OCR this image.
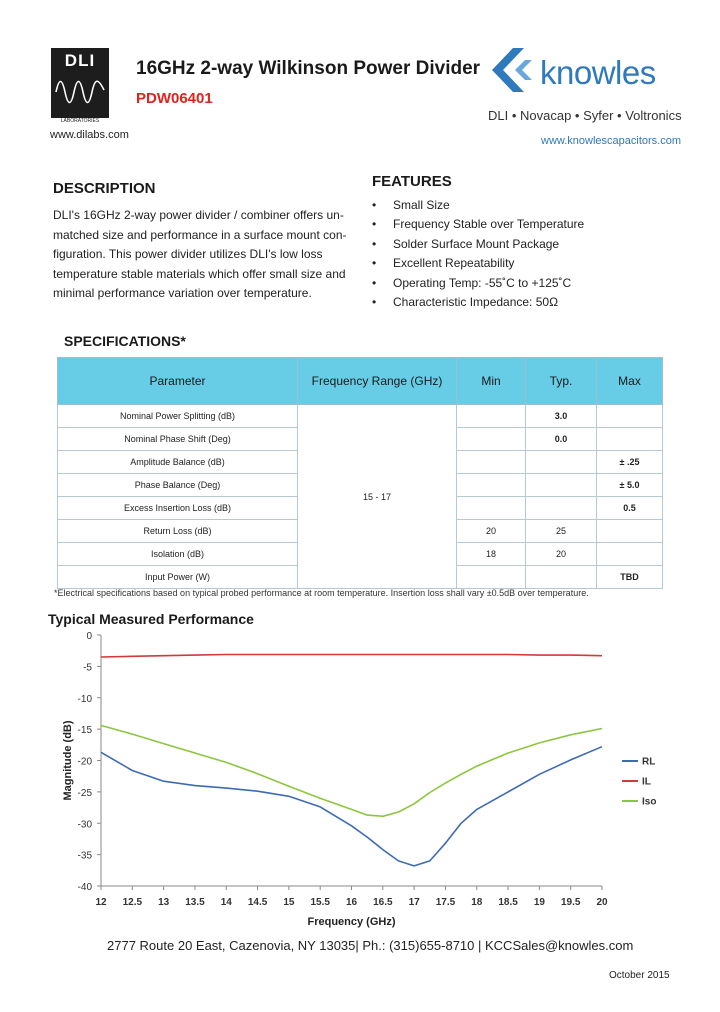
DLI
DIELECTRIC
LABORATORIES
www.dilabs.com
16GHz 2-way Wilkinson Power Divider
PDW06401
knowles
DLI • Novacap • Syfer • Voltronics
www.knowlescapacitors.com
DESCRIPTION
DLI's 16GHz 2-way power divider / combiner offers un-
matched size and performance in a surface mount con-
figuration. This power divider utilizes DLI's low loss
temperature stable materials which offer small size and
minimal performance variation over temperature.
FEATURES
• Small Size
• Frequency Stable over Temperature
• Solder Surface Mount Package
• Excellent Repeatability
• Operating Temp: -55˚C to +125˚C
• Characteristic Impedance: 50Ω
SPECIFICATIONS*
Parameter	Frequency Range (GHz)	Min	Typ.	Max
Nominal Power Splitting (dB)	15 - 17		3.0	
Nominal Phase Shift (Deg)			0.0	
Amplitude Balance (dB)				± .25
Phase Balance (Deg)				± 5.0
Excess Insertion Loss (dB)				0.5
Return Loss (dB)		20	25	
Isolation (dB)		18	20	
Input Power (W)				TBD
*Electrical specifications based on typical probed performance at room temperature. Insertion loss shall vary ±0.5dB over temperature.
Typical Measured Performance
0
-5
-10
-15
-20
-25
-30
-35
-40
12 12.5 13 13.5 14 14.5 15 15.5 16 16.5 17 17.5 18 18.5 19 19.5 20
Frequency (GHz)
Magnitude (dB)	RL
IL
Iso
2777 Route 20 East, Cazenovia, NY 13035| Ph.: (315)655-8710 | KCCSales@knowles.com
October 2015
